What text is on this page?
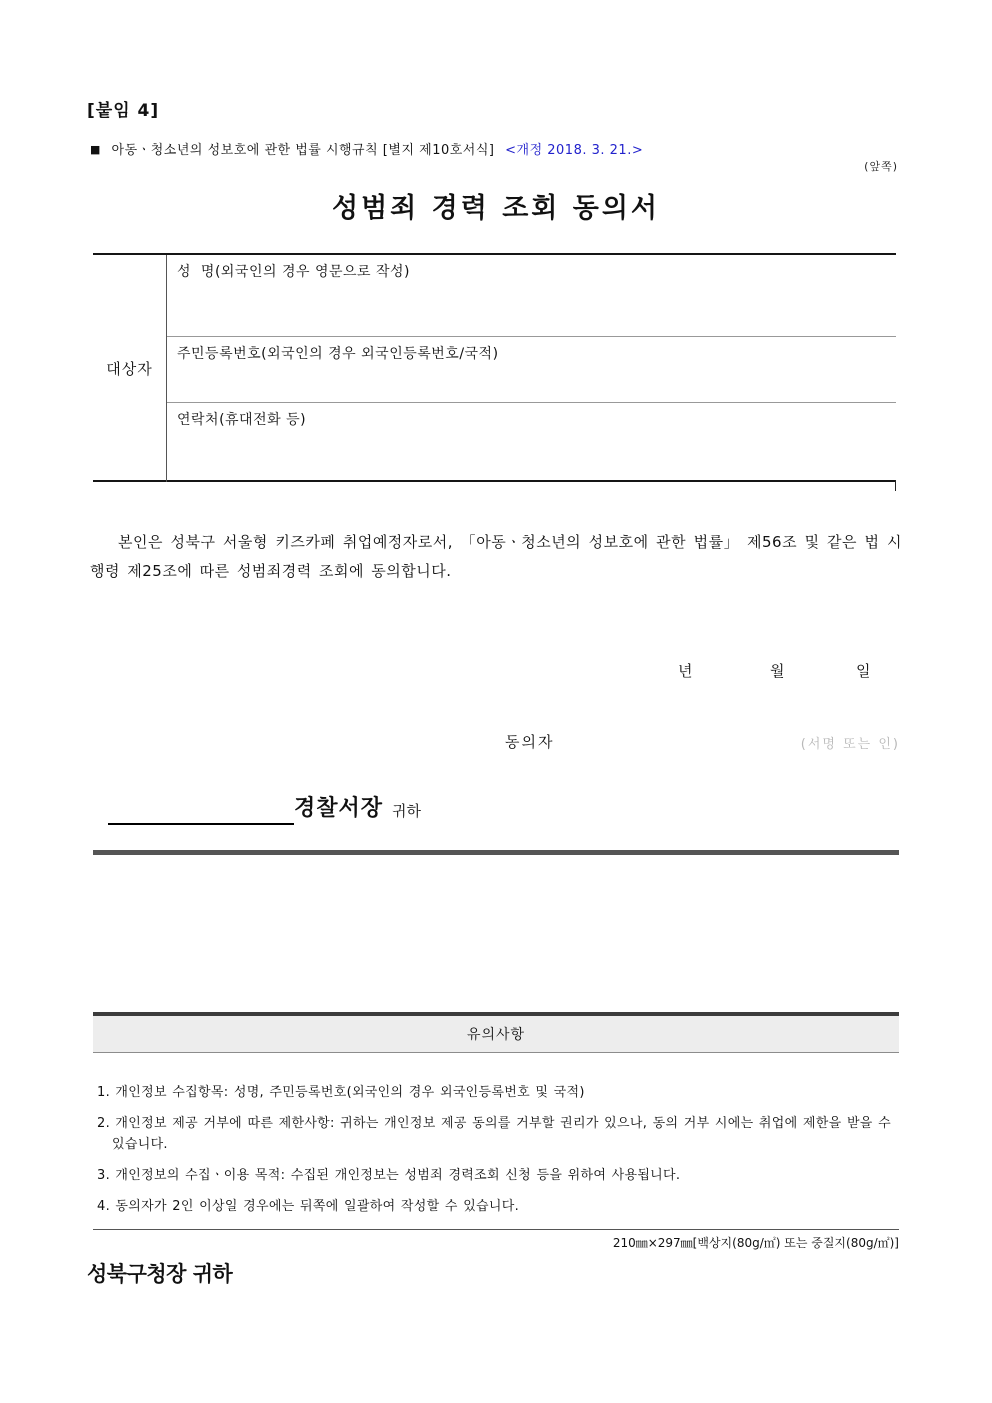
[붙임 4]
■ 아동ㆍ청소년의 성보호에 관한 법률 시행규칙 [별지 제10호서식] <개정 2018. 3. 21.>
(앞쪽)
성범죄 경력 조회 동의서
대상자
성  명(외국인의 경우 영문으로 작성)
주민등록번호(외국인의 경우 외국인등록번호/국적)
연락처(휴대전화 등)

본인은 성북구 서울형 키즈카페 취업예정자로서, 「아동ㆍ청소년의 성보호에 관한 법률」 제56조 및 같은 법 시행령 제25조에 따른 성범죄경력 조회에 동의합니다.

년	월	일
동의자	(서명 또는 인)
경찰서장 귀하
유의사항
1. 개인정보 수집항목: 성명, 주민등록번호(외국인의 경우 외국인등록번호 및 국적)
2. 개인정보 제공 거부에 따른 제한사항: 귀하는 개인정보 제공 동의를 거부할 권리가 있으나, 동의 거부 시에는 취업에 제한을 받을 수 있습니다.
3. 개인정보의 수집ㆍ이용 목적: 수집된 개인정보는 성범죄 경력조회 신청 등을 위하여 사용됩니다.
4. 동의자가 2인 이상일 경우에는 뒤쪽에 일괄하여 작성할 수 있습니다.
210㎜×297㎜[백상지(80g/㎡) 또는 중질지(80g/㎡)]
성북구청장 귀하
